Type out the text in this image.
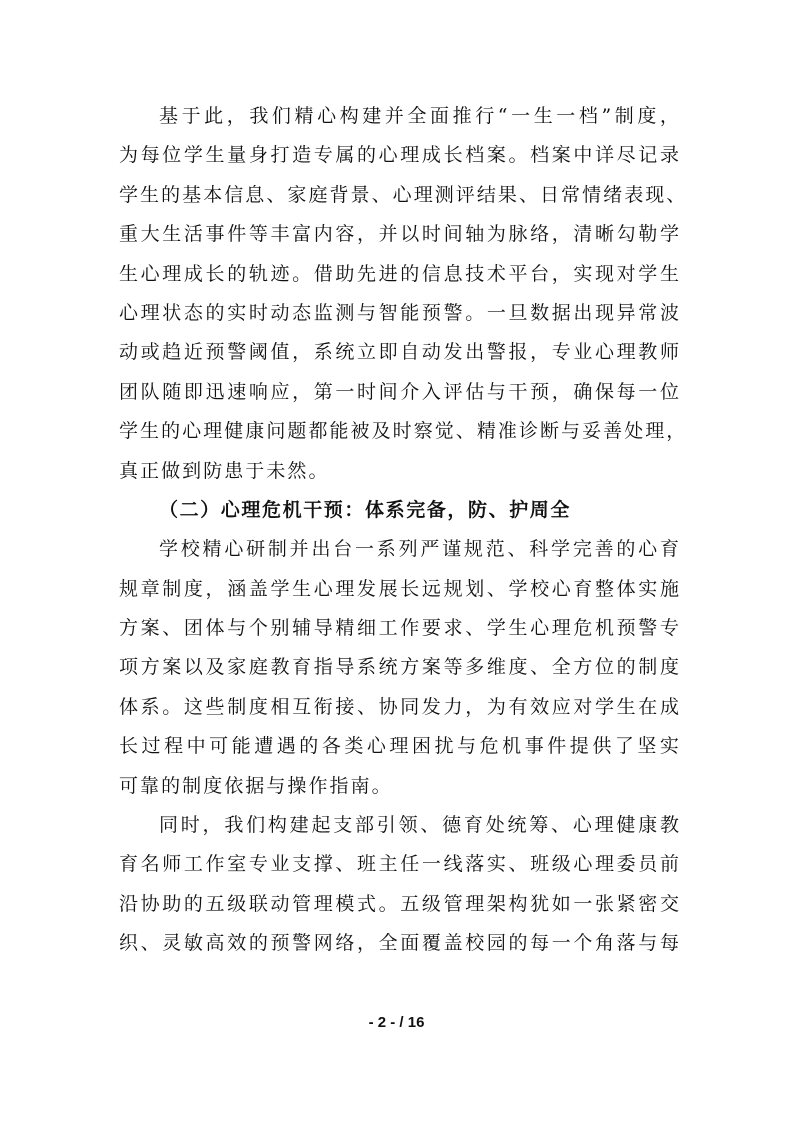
基于此，我们精心构建并全面推行“一生一档”制度，
为每位学生量身打造专属的心理成长档案。档案中详尽记录
学生的基本信息、家庭背景、心理测评结果、日常情绪表现、
重大生活事件等丰富内容，并以时间轴为脉络，清晰勾勒学
生心理成长的轨迹。借助先进的信息技术平台，实现对学生
心理状态的实时动态监测与智能预警。一旦数据出现异常波
动或趋近预警阈值，系统立即自动发出警报，专业心理教师
团队随即迅速响应，第一时间介入评估与干预，确保每一位
学生的心理健康问题都能被及时察觉、精准诊断与妥善处理，
真正做到防患于未然。
（二）心理危机干预：体系完备，防、护周全
学校精心研制并出台一系列严谨规范、科学完善的心育
规章制度，涵盖学生心理发展长远规划、学校心育整体实施
方案、团体与个别辅导精细工作要求、学生心理危机预警专
项方案以及家庭教育指导系统方案等多维度、全方位的制度
体系。这些制度相互衔接、协同发力，为有效应对学生在成
长过程中可能遭遇的各类心理困扰与危机事件提供了坚实
可靠的制度依据与操作指南。
同时，我们构建起支部引领、德育处统筹、心理健康教
育名师工作室专业支撑、班主任一线落实、班级心理委员前
沿协助的五级联动管理模式。五级管理架构犹如一张紧密交
织、灵敏高效的预警网络，全面覆盖校园的每一个角落与每
- 2 - / 16
